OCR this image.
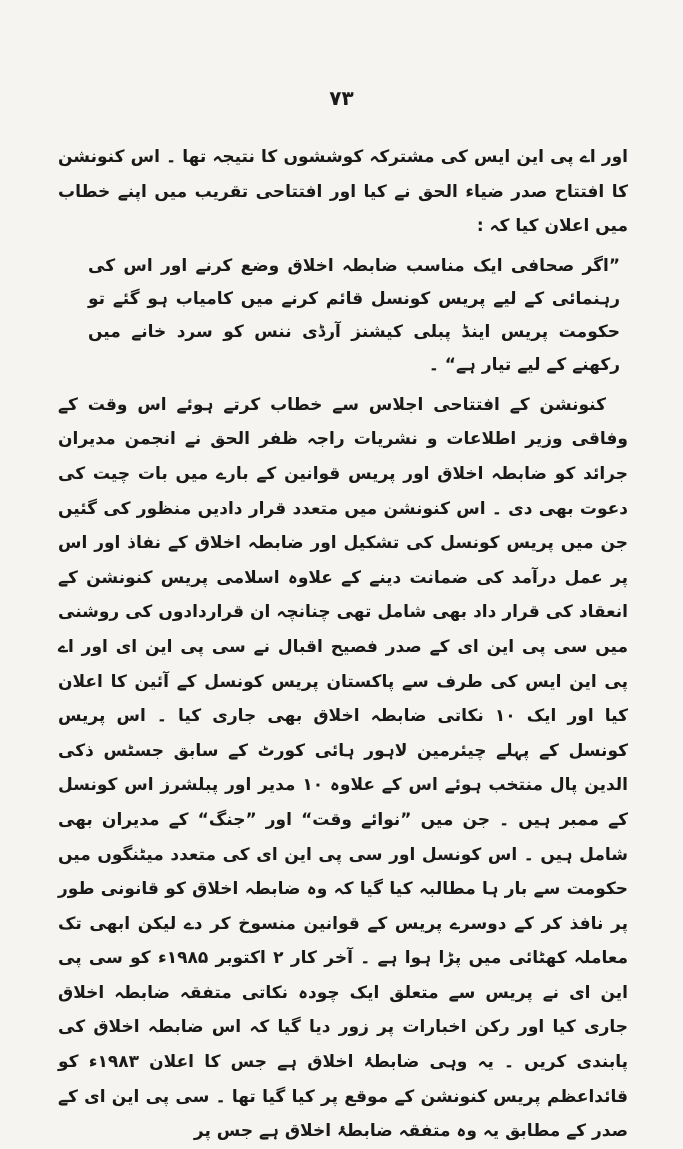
۷۳

اور اے پی این ایس کی مشترکہ کوششوں کا نتیجہ تھا ۔ اس کنونشن کا افتتاح صدر ضیاء الحق نے کیا اور افتتاحی تقریب میں اپنے خطاب میں اعلان کیا کہ :

”اگر صحافی ایک مناسب ضابطہ اخلاق وضع کرنے اور اس کی رہنمائی کے لیے پریس کونسل قائم کرنے میں کامیاب ہو گئے تو حکومت پریس اینڈ پبلی کیشنز آرڈی ننس کو سرد خانے میں رکھنے کے لیے تیار ہے“ ۔

کنونشن کے افتتاحی اجلاس سے خطاب کرتے ہوئے اس وقت کے وفاقی وزیر اطلاعات و نشریات راجہ ظفر الحق نے انجمن مدیران جرائد کو ضابطہ اخلاق اور پریس قوانین کے بارے میں بات چیت کی دعوت بھی دی ۔ اس کنونشن میں متعدد قرار دادیں منظور کی گئیں جن میں پریس کونسل کی تشکیل اور ضابطہ اخلاق کے نفاذ اور اس پر عمل درآمد کی ضمانت دینے کے علاوہ اسلامی پریس کنونشن کے انعقاد کی قرار داد بھی شامل تھی چنانچہ ان قراردادوں کی روشنی میں سی پی این ای کے صدر فصیح اقبال نے سی پی این ای اور اے پی این ایس کی طرف سے پاکستان پریس کونسل کے آئین کا اعلان کیا اور ایک ۱۰ نکاتی ضابطہ اخلاق بھی جاری کیا ۔ اس پریس کونسل کے پہلے چیئرمین لاہور ہائی کورٹ کے سابق جسٹس ذکی الدین پال منتخب ہوئے اس کے علاوہ ۱۰ مدیر اور پبلشرز اس کونسل کے ممبر ہیں ۔ جن میں ”نوائے وقت“ اور ”جنگ“ کے مدیران بھی شامل ہیں ۔ اس کونسل اور سی پی این ای کی متعدد میٹنگوں میں حکومت سے بار ہا مطالبہ کیا گیا کہ وہ ضابطہ اخلاق کو قانونی طور پر نافذ کر کے دوسرے پریس کے قوانین منسوخ کر دے لیکن ابھی تک معاملہ کھٹائی میں پڑا ہوا ہے ۔ آخر کار ۲ اکتوبر ۱۹۸۵ء کو سی پی این ای نے پریس سے متعلق ایک چودہ نکاتی متفقہ ضابطہ اخلاق جاری کیا اور رکن اخبارات پر زور دیا گیا کہ اس ضابطہ اخلاق کی پابندی کریں ۔ یہ وہی ضابطۂ اخلاق ہے جس کا اعلان ۱۹۸۳ء کو قائداعظم پریس کنونشن کے موقع پر کیا گیا تھا ۔ سی پی این ای کے صدر کے مطابق یہ وہ متفقہ ضابطۂ اخلاق ہے جس پر
